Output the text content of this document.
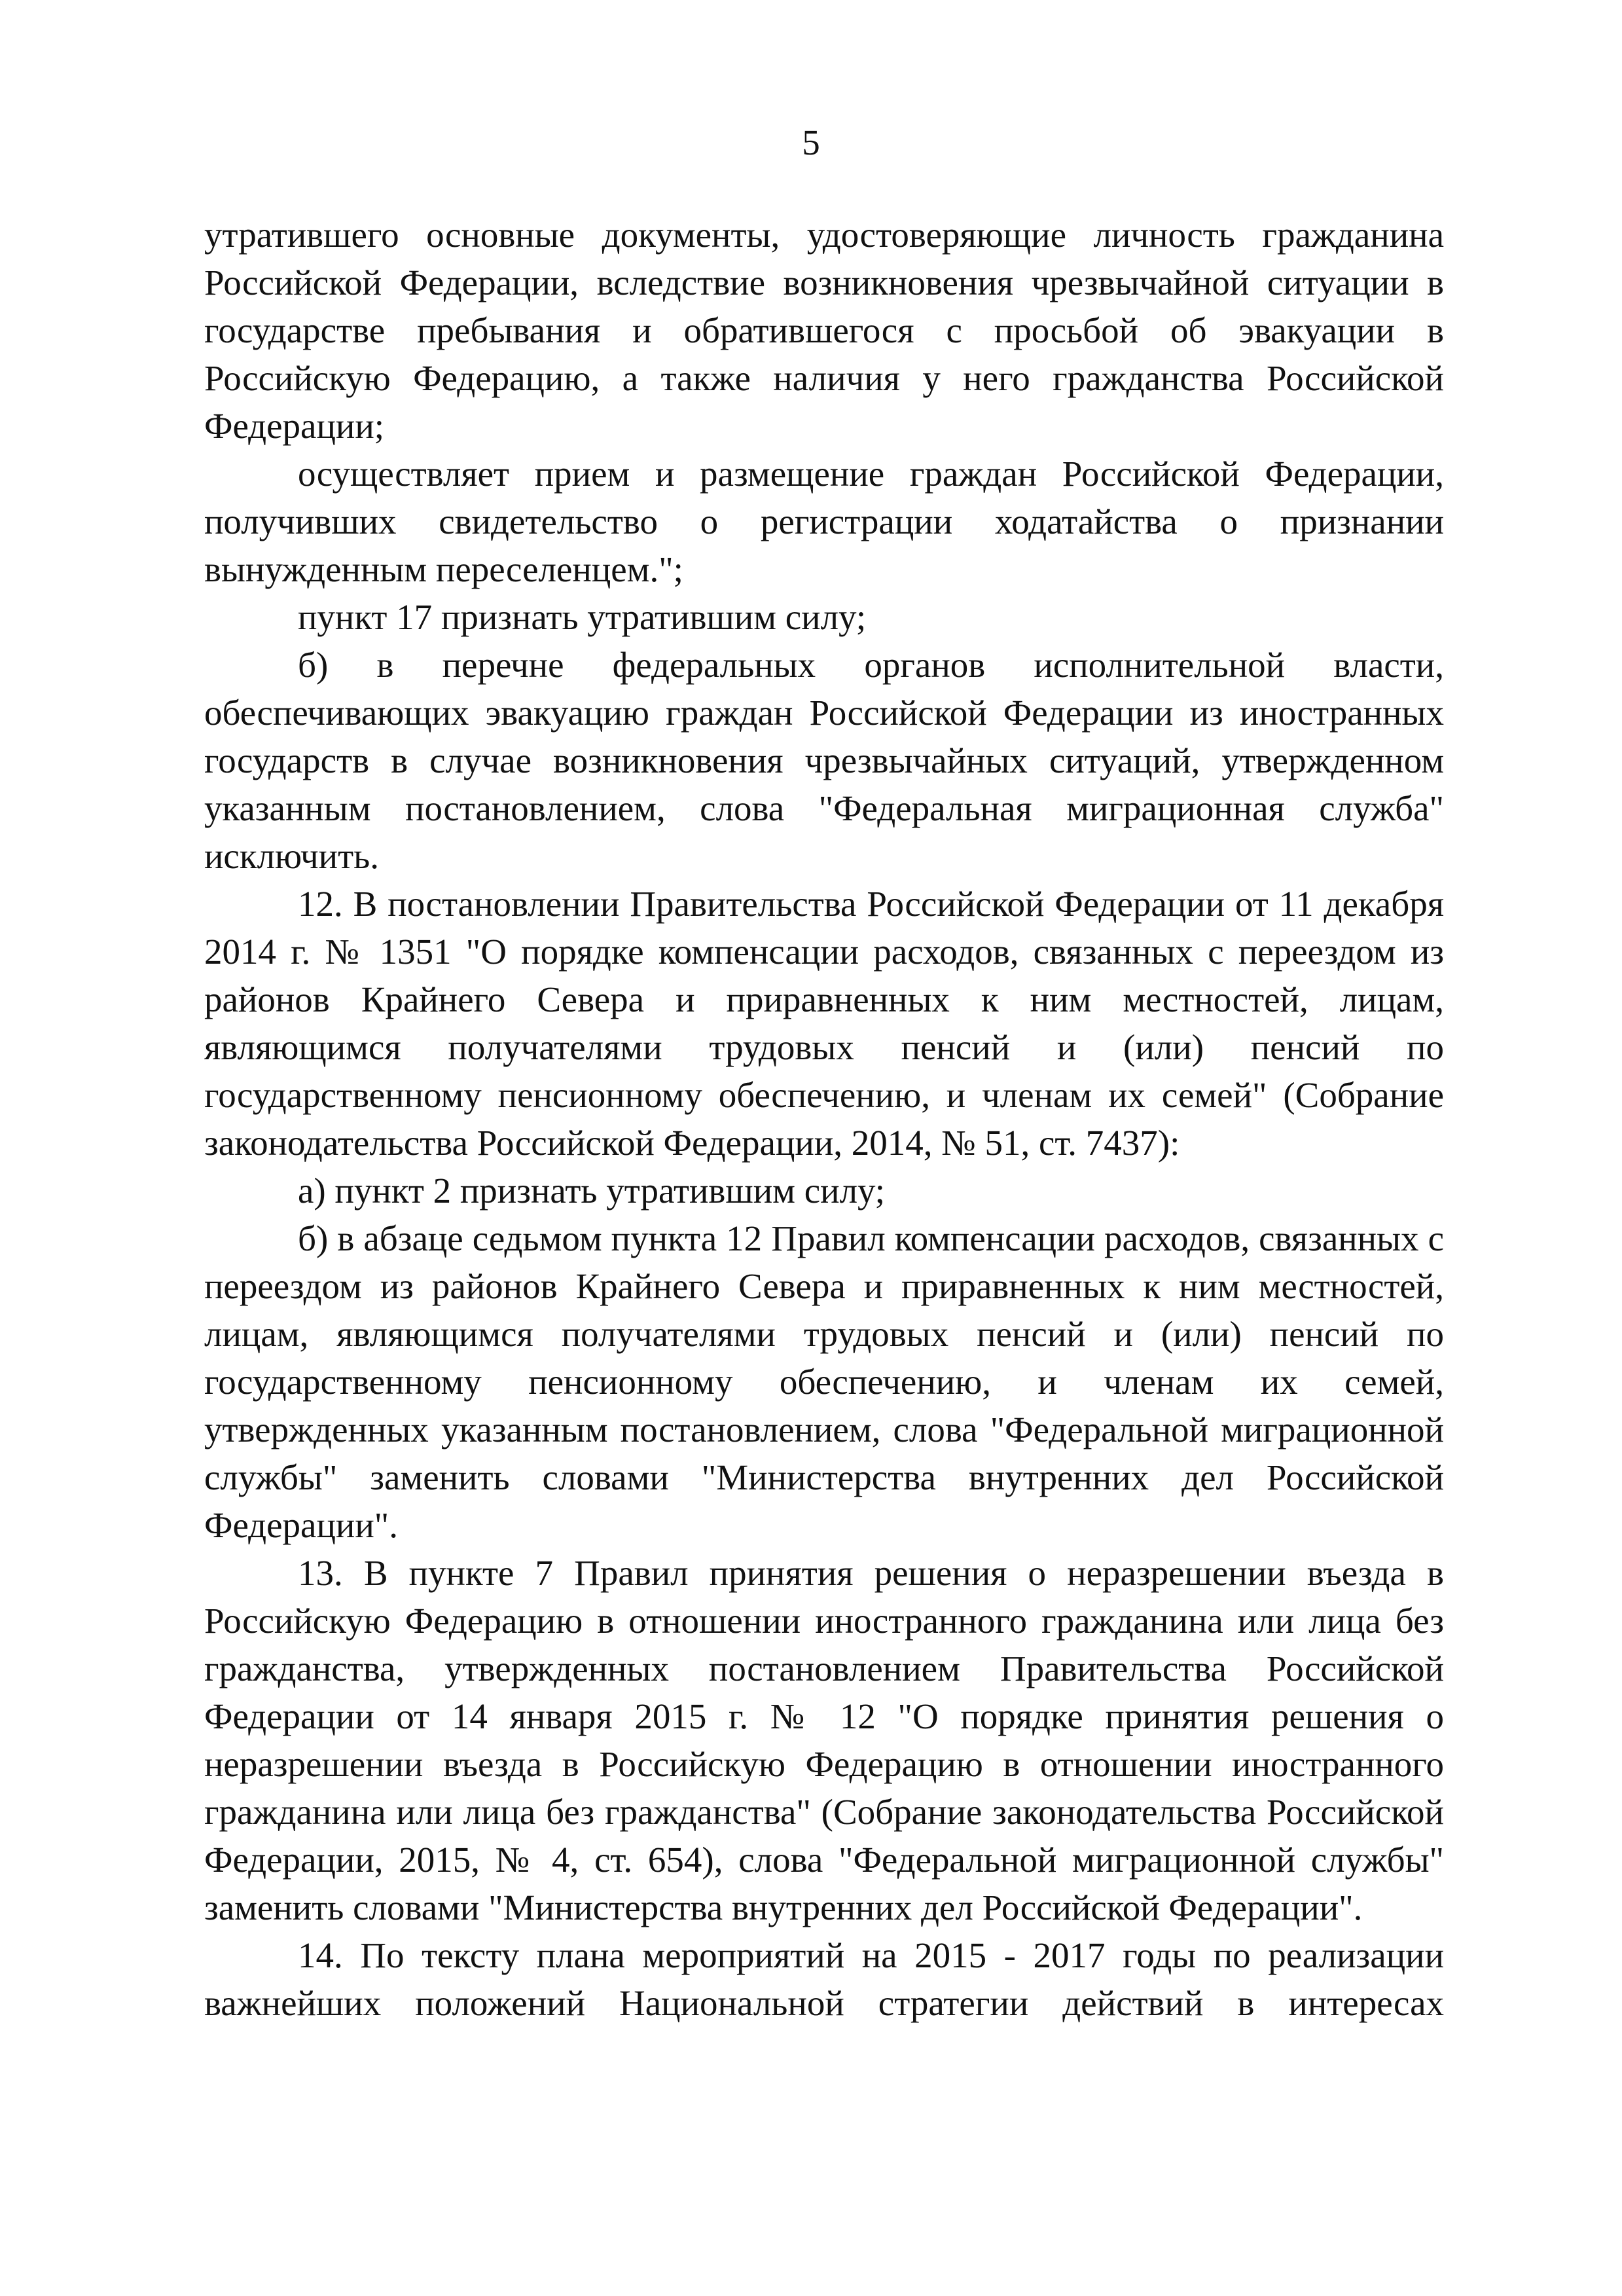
5

утратившего основные документы, удостоверяющие личность гражданина Российской Федерации, вследствие возникновения чрезвычайной ситуации в государстве пребывания и обратившегося с просьбой об эвакуации в Российскую Федерацию, а также наличия у него гражданства Российской Федерации;

осуществляет прием и размещение граждан Российской Федерации, получивших свидетельство о регистрации ходатайства о признании вынужденным переселенцем.";

пункт 17 признать утратившим силу;

б) в перечне федеральных органов исполнительной власти, обеспечивающих эвакуацию граждан Российской Федерации из иностранных государств в случае возникновения чрезвычайных ситуаций, утвержденном указанным постановлением, слова "Федеральная миграционная служба" исключить.

12. В постановлении Правительства Российской Федерации от 11 декабря 2014 г. № 1351 "О порядке компенсации расходов, связанных с переездом из районов Крайнего Севера и приравненных к ним местностей, лицам, являющимся получателями трудовых пенсий и (или) пенсий по государственному пенсионному обеспечению, и членам их семей" (Собрание законодательства Российской Федерации, 2014, № 51, ст. 7437):

а) пункт 2 признать утратившим силу;

б) в абзаце седьмом пункта 12 Правил компенсации расходов, связанных с переездом из районов Крайнего Севера и приравненных к ним местностей, лицам, являющимся получателями трудовых пенсий и (или) пенсий по государственному пенсионному обеспечению, и членам их семей, утвержденных указанным постановлением, слова "Федеральной миграционной службы" заменить словами "Министерства внутренних дел Российской Федерации".

13. В пункте 7 Правил принятия решения о неразрешении въезда в Российскую Федерацию в отношении иностранного гражданина или лица без гражданства, утвержденных постановлением Правительства Российской Федерации от 14 января 2015 г. № 12 "О порядке принятия решения о неразрешении въезда в Российскую Федерацию в отношении иностранного гражданина или лица без гражданства" (Собрание законодательства Российской Федерации, 2015, № 4, ст. 654), слова "Федеральной миграционной службы" заменить словами "Министерства внутренних дел Российской Федерации".

14. По тексту плана мероприятий на 2015 - 2017 годы по реализации важнейших положений Национальной стратегии действий в интересах
